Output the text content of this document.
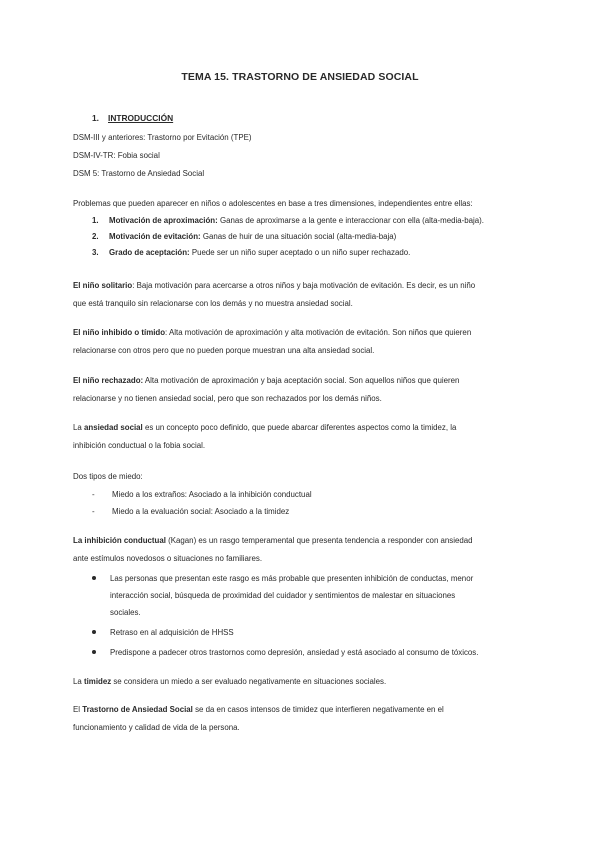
TEMA 15. TRASTORNO DE ANSIEDAD SOCIAL
1. INTRODUCCIÓN
DSM-III y anteriores: Trastorno por Evitación (TPE)
DSM-IV-TR: Fobia social
DSM 5: Trastorno de Ansiedad Social
Problemas que pueden aparecer en niños o adolescentes en base a tres dimensiones, independientes entre ellas:
1. Motivación de aproximación: Ganas de aproximarse a la gente e interaccionar con ella (alta-media-baja).
2. Motivación de evitación: Ganas de huir de una situación social (alta-media-baja)
3. Grado de aceptación: Puede ser un niño super aceptado o un niño super rechazado.
El niño solitario: Baja motivación para acercarse a otros niños y baja motivación de evitación. Es decir, es un niño
que está tranquilo sin relacionarse con los demás y no muestra ansiedad social.
El niño inhibido o tímido: Alta motivación de aproximación y alta motivación de evitación. Son niños que quieren
relacionarse con otros pero que no pueden porque muestran una alta ansiedad social.
El niño rechazado: Alta motivación de aproximación y baja aceptación social. Son aquellos niños que quieren
relacionarse y no tienen ansiedad social, pero que son rechazados por los demás niños.
La ansiedad social es un concepto poco definido, que puede abarcar diferentes aspectos como la timidez, la
inhibición conductual o la fobia social.
Dos tipos de miedo:
- Miedo a los extraños: Asociado a la inhibición conductual
- Miedo a la evaluación social: Asociado a la timidez
La inhibición conductual (Kagan) es un rasgo temperamental que presenta tendencia a responder con ansiedad
ante estímulos novedosos o situaciones no familiares.
Las personas que presentan este rasgo es más probable que presenten inhibición de conductas, menor
interacción social, búsqueda de proximidad del cuidador y sentimientos de malestar en situaciones
sociales.
Retraso en al adquisición de HHSS
Predispone a padecer otros trastornos como depresión, ansiedad y está asociado al consumo de tóxicos.
La timidez se considera un miedo a ser evaluado negativamente en situaciones sociales.
El Trastorno de Ansiedad Social se da en casos intensos de timidez que interfieren negativamente en el
funcionamiento y calidad de vida de la persona.
